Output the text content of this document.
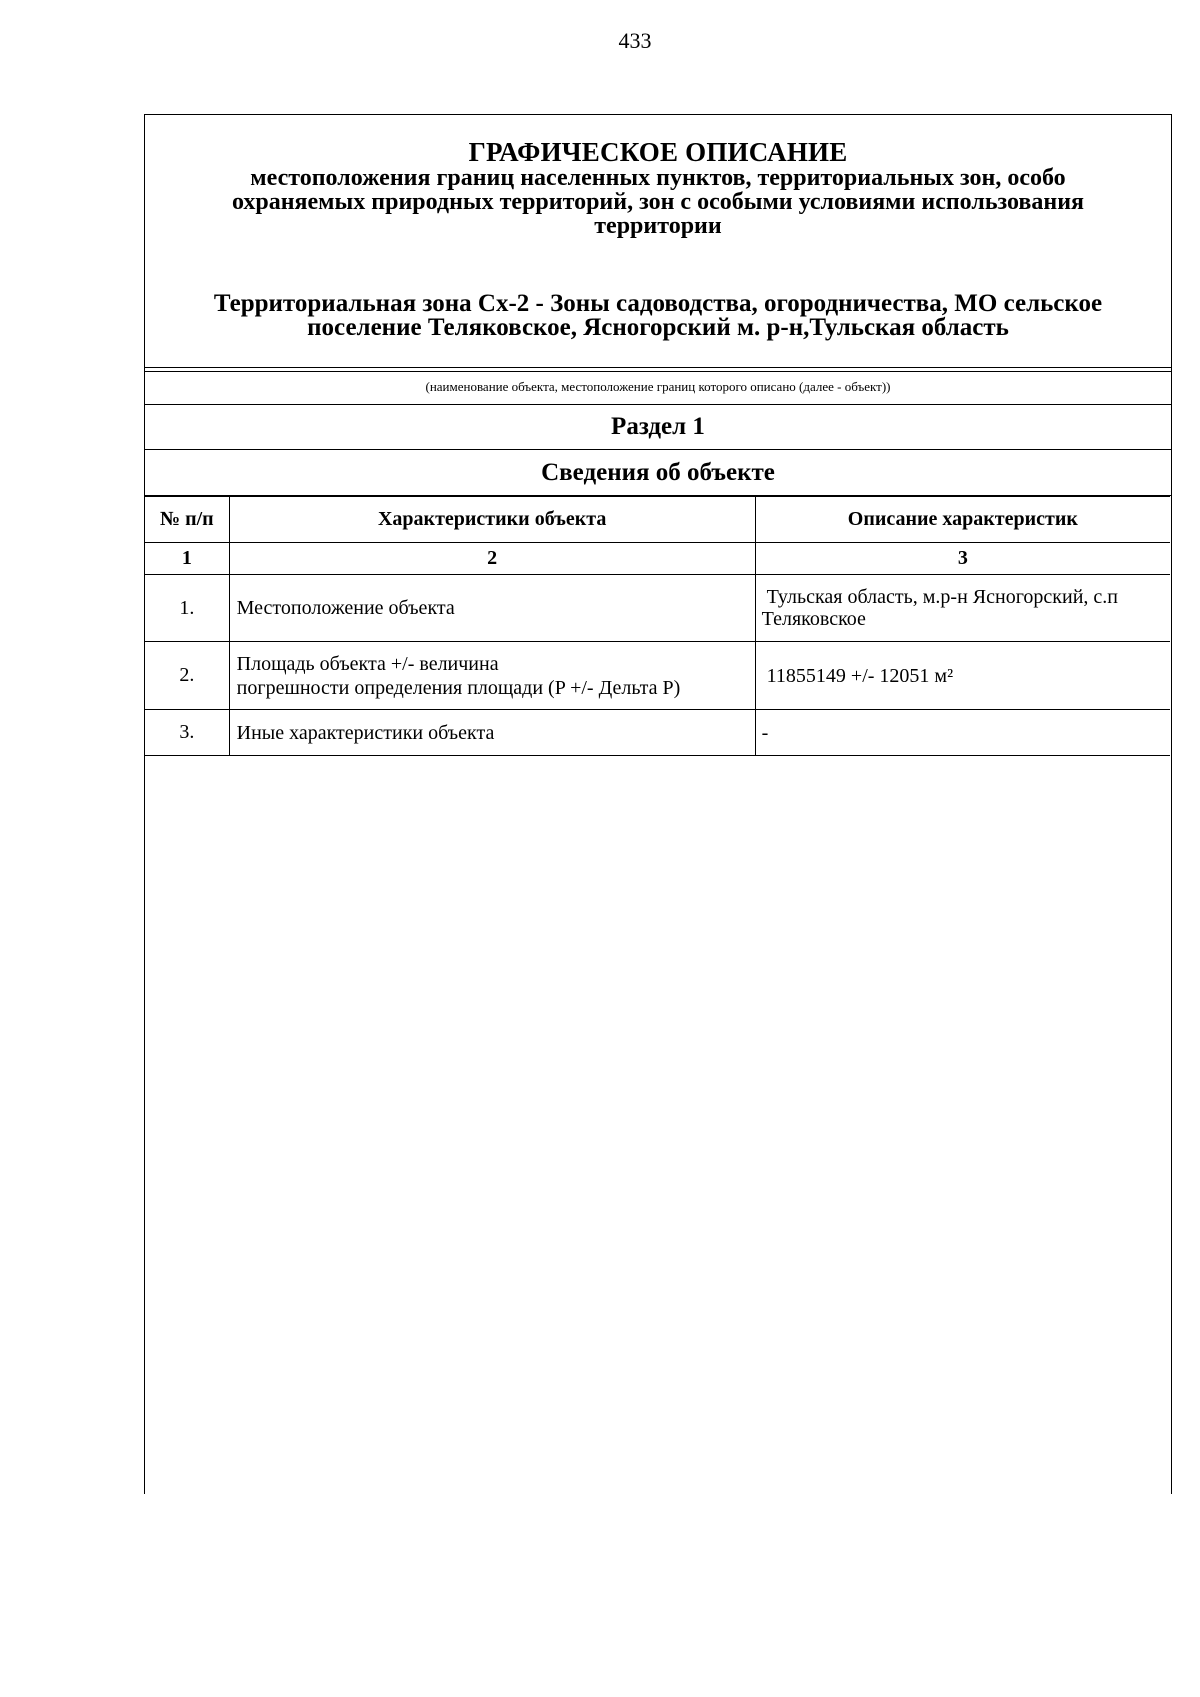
433
ГРАФИЧЕСКОЕ ОПИСАНИЕ
местоположения границ населенных пунктов, территориальных зон, особо
охраняемых природных территорий, зон с особыми условиями использования
территории
Территориальная зона Сх-2 - Зоны садоводства, огородничества, МО сельское
поселение Теляковское, Ясногорский м. р-н,Тульская область
(наименование объекта, местоположение границ которого описано (далее - объект))
Раздел 1
Сведения об объекте
№ п/п	Характеристики объекта	Описание характеристик
1	2	3
1.	Местоположение объекта	Тульская область, м.р-н Ясногорский, с.п
Теляковское

2.	Площадь объекта +/- величина
погрешности определения площади (P +/- Дельта P)	11855149 +/- 12051 м²

3.	Иные характеристики объекта	-
